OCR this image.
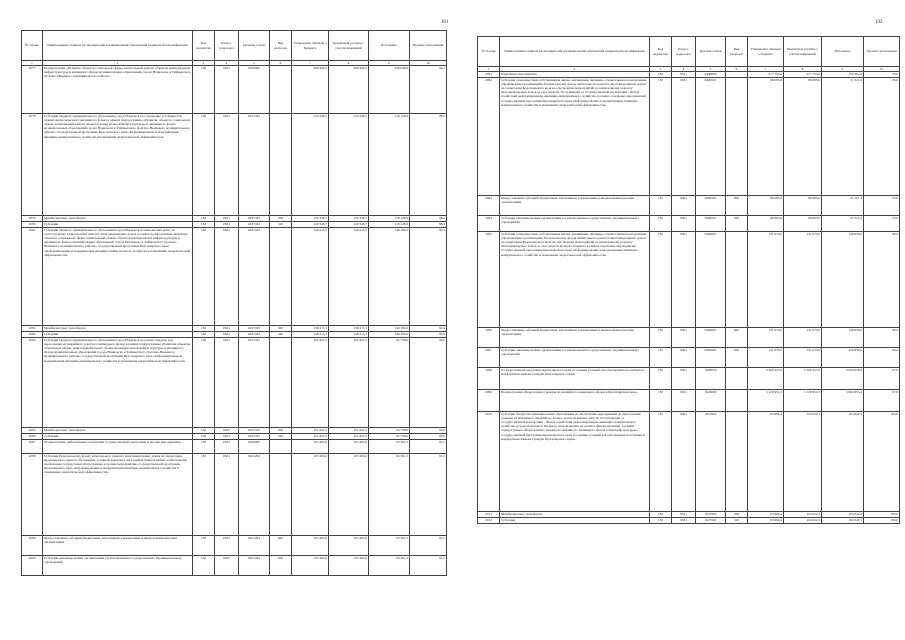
101
№ строки	Наименование главных распорядителей и наименование показателей бюджетной классификации	Код ведомства	Раздел-подраздел	Целевая статья	Вид расходов	Утверждено Законом о бюджете	Бюджетная роспись с учетом изменений	Исполнено	Процент исполнения
1	2	3	4	5	6	7	8	9	10
2077	Подпрограмма «Развитие объектов социальной сферы, капитальный ремонт объектов коммунальной инфраструктуры и жилищного фонда муниципальных образований города Норильска и Таймырского Долгано-Ненецкого муниципального района»	130	0501	0430000		380 409,5	380 409,5	358 048,9	94,1
2078	Субсидии бюджету муниципального образования город Норильск на сохранение устойчивости зданий первоочередного жилищного фонда в рамках подпрограммы «Развитие объектов социальной сферы, капитальный ремонт объектов коммунальной инфраструктуры и жилищного фонда муниципальных образований города Норильска и Таймырского Долгано-Ненецкого муниципального района» государственной программы Красноярского края «Реформирование и модернизация жилищно-коммунального хозяйства и повышение энергетической эффективности»	130	0501	0437432		120 348,7	120 348,7	118 128,9	98,2
2079	Межбюджетные трансферты	130	0501	0437432	500	120 348,7	120 348,7	118 128,9	98,2
2080	Субсидии	130	0501	0437432	520	120 348,7	120 348,7	118 128,9	98,2
2081	Субсидии бюджету муниципального образования город Норильск на выполнение работ по долгосрочному капитальному ремонту многоквартирных домов в рамках подпрограммы «Развитие объектов социальной сферы, капитальный ремонт объектов коммунальной инфраструктуры и жилищного фонда муниципальных образований города Норильска и Таймырского Долгано-Ненецкого муниципального района» государственной программы Красноярского края «Реформирование и модернизация жилищно-коммунального хозяйства и повышение энергетической эффективности»	130	0501	0437433		158 213,3	158 213,3	146 182,0	92,4
2082	Межбюджетные трансферты	130	0501	0437433	500	158 213,3	158 213,3	146 182,0	92,4
2083	Субсидии	130	0501	0437433	520	158 213,3	158 213,3	146 182,0	92,4
2084	Субсидии бюджету муниципального образования город Норильск на ремонт квартир под переселение из аварийного и ветхого жилищного фонда в рамках подпрограммы «Развитие объектов социальной сферы, капитальный ремонт объектов коммунальной инфраструктуры и жилищного фонда муниципальных образований города Норильска и Таймырского Долгано-Ненецкого муниципального района» государственной программы Красноярского края «Реформирование и модернизация жилищно-коммунального хозяйства и повышение энергетической эффективности»	130	0501	0437435		101 847,5	101 847,5	93 738,0	92,0
2085	Межбюджетные трансферты	130	0501	0437435	500	101 847,5	101 847,5	93 738,0	92,0
2086	Субсидии	130	0501	0437435	520	101 847,5	101 847,5	93 738,0	92,0
2087	Подпрограмма «Обеспечение реализации государственной программы и прочие мероприятия»	130	0501	0450000		103 493,0	103 493,0	94 361,5	91,2
2088	Субсидия Региональному фонду капитального ремонта многоквартирных домов на территории Красноярского края на обеспечение уставной деятельности в рамках подпрограммы «Обеспечение реализации государственной программы и прочие мероприятия» государственной программы Красноярского края «Реформирование и модернизация жилищно-коммунального хозяйства и повышение энергетической эффективности»	130	0501	0451294		103 493,0	103 493,0	94 361,5	91,2
2089	Предоставление субсидий бюджетным, автономным учреждениям и иным некоммерческим организациям	130	0501	0451294	600	103 493,0	103 493,0	94 361,5	91,2
2090	Субсидии некоммерческим организациям (за исключением государственных (муниципальных) учреждений)	130	0501	0451294	630	103 493,0	103 493,0	94 361,5	91,2
102
№ строки	Наименование главных распорядителей и наименование показателей бюджетной классификации	Код ведомства	Раздел-подраздел	Целевая статья	Вид расходов	Утверждено Законом о бюджете	Бюджетная роспись с учетом изменений	Исполнено	Процент исполнения
1	2	3	4	5	6	7	8	9	10
2091	Отдельные мероприятия	130	0501	0490000		217 755,6	217 755,6	152 361,0	70,0
2092	Субсидии товариществам собственников жилья, жилищным, жилищно-строительным кооперативам, управляющим организациям, Региональному фонду капитального ремонта многоквартирных домов на территории Красноярского края на обеспечение мероприятий по капитальному ремонту многоквартирных домов за счет средств, поступивших от государственной корпорации - Фонда содействия реформированию жилищно-коммунального хозяйства в рамках отдельных мероприятий государственной программы Красноярского края «Реформирование и модернизация жилищно-коммунального хозяйства и повышение энергетической эффективности»	130	0501	0499501		86 085,6	86 085,6	21 521,4	25,0
2093	Предоставление субсидий бюджетным, автономным учреждениям и иным некоммерческим организациям	130	0501	0499501	600	86 085,6	86 085,6	21 521,4	25,0
2094	Субсидии некоммерческим организациям (за исключением государственных (муниципальных) учреждений)	130	0501	0499501	630	86 085,6	86 085,6	21 521,4	25,0
2095	Субсидии товариществам собственников жилья, жилищным, жилищно-строительным кооперативам, управляющим организациям, Региональному фонду капитального ремонта многоквартирных домов на территории Красноярского края на обеспечение мероприятий по капитальному ремонту многоквартирных домов за счет средств краевого бюджета в рамках отдельных мероприятий государственной программы Красноярского края «Реформирование и модернизация жилищно-коммунального хозяйства и повышение энергетической эффективности»	130	0501	0499601		131 670,0	131 670,0	130 839,6	99,4
2096	Предоставление субсидий бюджетным, автономным учреждениям и иным некоммерческим организациям	130	0501	0499601	600	131 670,0	131 670,0	130 839,6	99,4
2097	Субсидии некоммерческим организациям (за исключением государственных (муниципальных) учреждений)	130	0501	0499601	630	131 670,0	131 670,0	130 839,6	99,4
2098	Государственная программа Красноярского края «Создание условий для обеспечения доступным и комфортным жильем граждан Красноярского края»	130	0501	1600000		3 280 427,9	3 280 427,9	3 200 078,9	97,6
2099	Подпрограмма «Переселение граждан из аварийного жилищного фонда в Красноярском крае»	130	0501	1620000		3 129 952,3	3 129 952,3	3 062 653,4	97,8
2100	Субсидия бюджетам муниципальных образований на обеспечение мероприятий по переселению граждан из аварийного жилищного фонда, за исключением средств, поступающих от государственной корпорации - Фонда содействия реформированию жилищно-коммунального хозяйства и средств краевого бюджета, направляемых на долевое финансирование, в рамках подпрограммы «Переселение граждан из аварийного жилищного фонда в Красноярском крае» государственной программы Красноярского края «Создание условий для обеспечения доступным и комфортным жильем граждан Красноярского края»	130	0501	1627602		63 994,4	104 022,3	104 022,3	100,0
2101	Межбюджетные трансферты	130	0501	1627602	500	63 994,4	104 022,3	104 022,3	100,0
2102	Субсидии	130	0501	1627602	520	63 994,4	104 022,3	104 022,3	100,0
